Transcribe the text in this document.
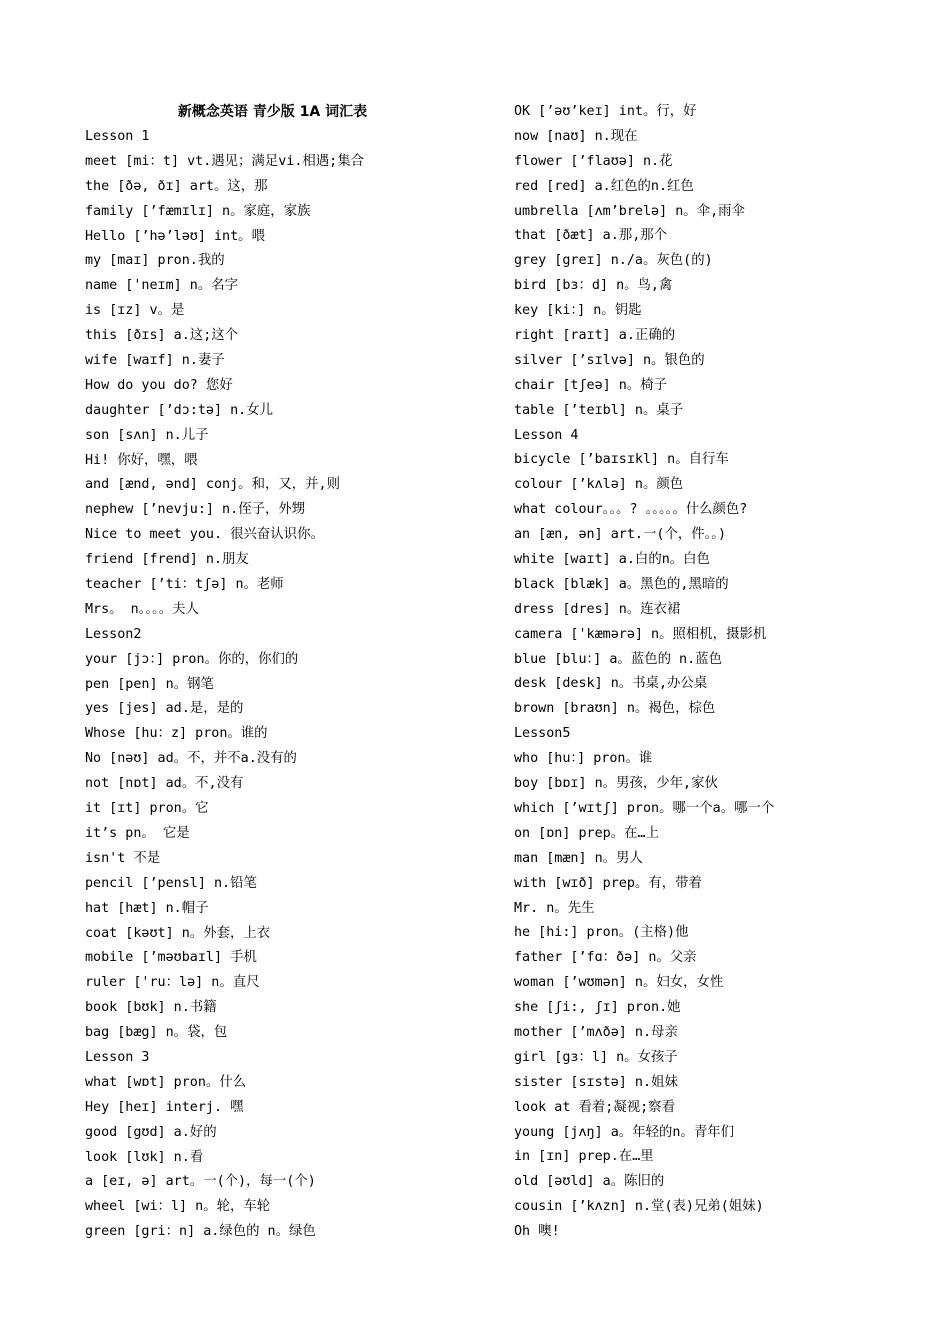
新概念英语 青少版 1A 词汇表
Lesson 1
meet [mi：t] vt.遇见；满足vi.相遇;集合
the [ðə, ðɪ] art。这，那
family [’fæmɪlɪ] n。家庭，家族
Hello [’hə’ləʊ] int。喂
my [maɪ] pron.我的
name ['neɪm] n。名字
is [ɪz] v。是
this [ðɪs] a.这;这个
wife [waɪf] n.妻子
How do you do? 您好
daughter [’dɔ:tə] n.女儿
son [sʌn] n.儿子
Hi! 你好，嘿，喂
and [ænd, ənd] conj。和，又，并,则
nephew [’nevju:] n.侄子，外甥
Nice to meet you. 很兴奋认识你。
friend [frend] n.朋友
teacher [’ti：tʃə] n。老师
Mrs。 n。。。。夫人
Lesson2
your [jɔ：] pron。你的，你们的
pen [pen] n。钢笔
yes [jes] ad.是，是的
Whose [hu：z] pron。谁的
No [nəʊ] ad。不，并不a.没有的
not [nɒt] ad。不,没有
it [ɪt] pron。它
it’s pn。 它是
isn't 不是
pencil [’pensl] n.铅笔
hat [hæt] n.帽子
coat [kəʊt] n。外套，上衣
mobile [’məʊbaɪl] 手机
ruler ['ru：lə] n。直尺
book [bʊk] n.书籍
bag [bæg] n。袋，包
Lesson 3
what [wɒt] pron。什么
Hey [heɪ] interj. 嘿
good [gʊd] a.好的
look [lʊk] n.看
a [eɪ, ə] art。一(个)，每一(个)
wheel [wi：l] n。轮，车轮
green [gri：n] a.绿色的 n。绿色
OK [’əʊ’keɪ] int。行，好
now [naʊ] n.现在
flower [’flaʊə] n.花
red [red] a.红色的n.红色
umbrella [ʌm’brelə] n。伞,雨伞
that [ðæt] a.那,那个
grey [greɪ] n./a。灰色(的)
bird [bɜ：d] n。鸟,禽
key [ki：] n。钥匙
right [raɪt] a.正确的
silver [’sɪlvə] n。银色的
chair [tʃeə] n。椅子
table [’teɪbl] n。桌子
Lesson 4
bicycle [’baɪsɪkl] n。自行车
colour [’kʌlə] n。颜色
what colour。。。? 。。。。。什么颜色?
an [æn, ən] art.一(个，件。。)
white [waɪt] a.白的n。白色
black [blæk] a。黑色的,黑暗的
dress [dres] n。连衣裙
camera ['kæmərə] n。照相机，摄影机
blue [blu：] a。蓝色的 n.蓝色
desk [desk] n。书桌,办公桌
brown [braʊn] n。褐色，棕色
Lesson5
who [hu：] pron。谁
boy [bɒɪ] n。男孩，少年,家伙
which [’wɪtʃ] pron。哪一个a。哪一个
on [ɒn] prep。在…上
man [mæn] n。男人
with [wɪð] prep。有，带着
Mr. n。先生
he [hi:] pron。(主格)他
father [’fɑ：ðə] n。父亲
woman [’wʊmən] n。妇女，女性
she [ʃi:, ʃɪ] pron.她
mother [’mʌðə] n.母亲
girl [gɜ：l] n。女孩子
sister [sɪstə] n.姐妹
look at 看着;凝视;察看
young [jʌŋ] a。年轻的n。青年们
in [ɪn] prep.在…里
old [əʊld] a。陈旧的
cousin [’kʌzn] n.堂(表)兄弟(姐妹)
Oh 噢!
